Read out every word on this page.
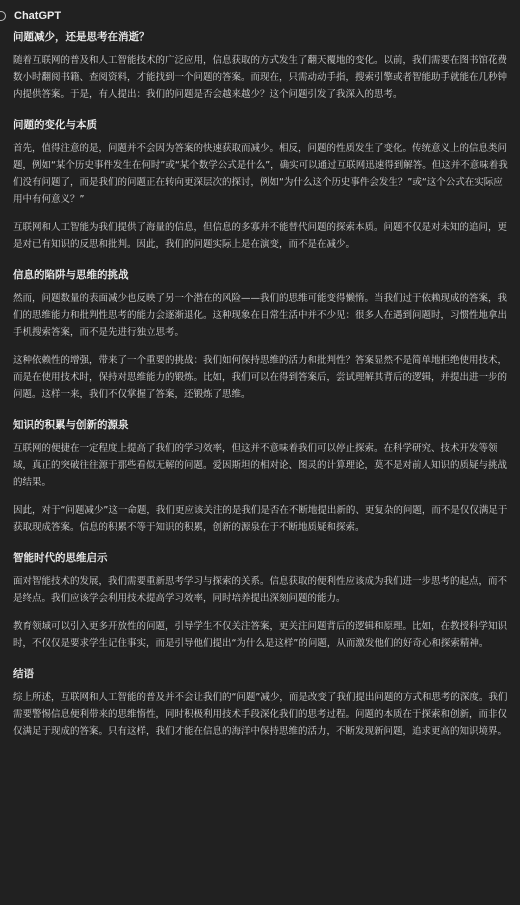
ChatGPT
问题减少，还是思考在消逝？

随着互联网的普及和人工智能技术的广泛应用，信息获取的方式发生了翻天覆地的变化。以前，我们需要在图书馆花费数小时翻阅书籍、查阅资料，才能找到一个问题的答案。而现在，只需动动手指，搜索引擎或者智能助手就能在几秒钟内提供答案。于是，有人提出：我们的问题是否会越来越少？这个问题引发了我深入的思考。

问题的变化与本质

首先，值得注意的是，问题并不会因为答案的快速获取而减少。相反，问题的性质发生了变化。传统意义上的信息类问题，例如“某个历史事件发生在何时”或“某个数学公式是什么”，确实可以通过互联网迅速得到解答。但这并不意味着我们没有问题了，而是我们的问题正在转向更深层次的探讨，例如“为什么这个历史事件会发生？”或“这个公式在实际应用中有何意义？”

互联网和人工智能为我们提供了海量的信息，但信息的多寡并不能替代问题的探索本质。问题不仅是对未知的追问，更是对已有知识的反思和批判。因此，我们的问题实际上是在演变，而不是在减少。

信息的陷阱与思维的挑战

然而，问题数量的表面减少也反映了另一个潜在的风险——我们的思维可能变得懒惰。当我们过于依赖现成的答案，我们的思维能力和批判性思考的能力会逐渐退化。这种现象在日常生活中并不少见：很多人在遇到问题时，习惯性地拿出手机搜索答案，而不是先进行独立思考。

这种依赖性的增强，带来了一个重要的挑战：我们如何保持思维的活力和批判性？答案显然不是简单地拒绝使用技术，而是在使用技术时，保持对思维能力的锻炼。比如，我们可以在得到答案后，尝试理解其背后的逻辑，并提出进一步的问题。这样一来，我们不仅掌握了答案，还锻炼了思维。

知识的积累与创新的源泉

互联网的便捷在一定程度上提高了我们的学习效率，但这并不意味着我们可以停止探索。在科学研究、技术开发等领域，真正的突破往往源于那些看似无解的问题。爱因斯坦的相对论、图灵的计算理论，莫不是对前人知识的质疑与挑战的结果。

因此，对于“问题减少”这一命题，我们更应该关注的是我们是否在不断地提出新的、更复杂的问题，而不是仅仅满足于获取现成答案。信息的积累不等于知识的积累，创新的源泉在于不断地质疑和探索。

智能时代的思维启示

面对智能技术的发展，我们需要重新思考学习与探索的关系。信息获取的便利性应该成为我们进一步思考的起点，而不是终点。我们应该学会利用技术提高学习效率，同时培养提出深刻问题的能力。

教育领域可以引入更多开放性的问题，引导学生不仅关注答案，更关注问题背后的逻辑和原理。比如，在教授科学知识时，不仅仅是要求学生记住事实，而是引导他们提出“为什么是这样”的问题，从而激发他们的好奇心和探索精神。

结语

综上所述，互联网和人工智能的普及并不会让我们的“问题”减少，而是改变了我们提出问题的方式和思考的深度。我们需要警惕信息便利带来的思维惰性，同时积极利用技术手段深化我们的思考过程。问题的本质在于探索和创新，而非仅仅满足于现成的答案。只有这样，我们才能在信息的海洋中保持思维的活力，不断发现新问题，追求更高的知识境界。
